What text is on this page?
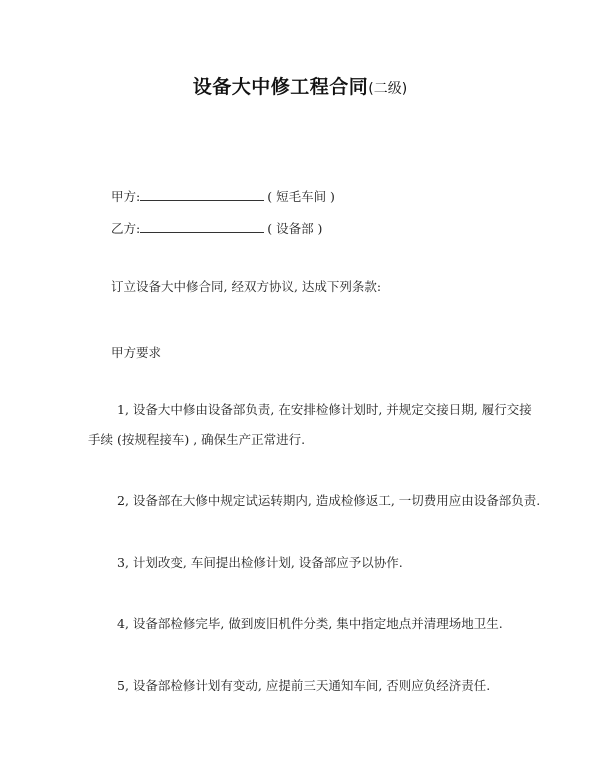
设备大中修工程合同(二级)
甲方:	( 短毛车间 )
乙方:	( 设备部 )
订立设备大中修合同, 经双方协议, 达成下列条款:
甲方要求
1, 设备大中修由设备部负责, 在安排检修计划时, 并规定交接日期, 履行交接
手续 (按规程接车) , 确保生产正常进行.
2, 设备部在大修中规定试运转期内, 造成检修返工, 一切费用应由设备部负责.
3, 计划改变, 车间提出检修计划, 设备部应予以协作.
4, 设备部检修完毕, 做到废旧机件分类, 集中指定地点并清理场地卫生.
5, 设备部检修计划有变动, 应提前三天通知车间, 否则应负经济责任.
